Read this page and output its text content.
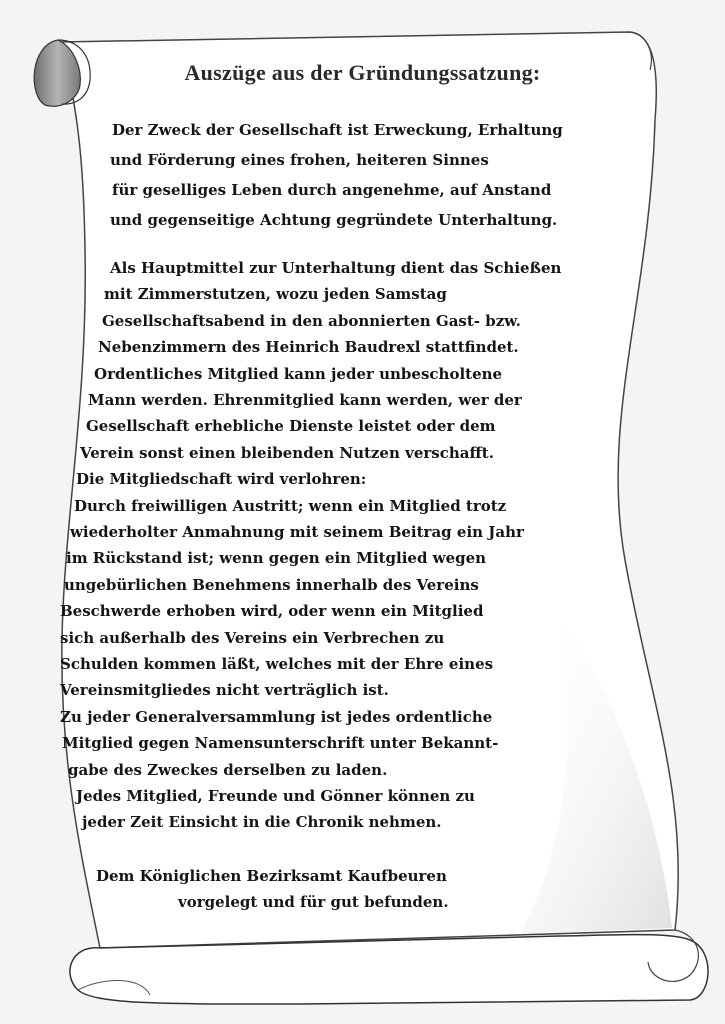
Auszüge aus der Gründungssatzung:
Der Zweck der Gesellschaft ist Erweckung, Erhaltung
und Förderung eines frohen, heiteren Sinnes
für geselliges Leben durch angenehme, auf Anstand
und gegenseitige Achtung gegründete Unterhaltung.
Als Hauptmittel zur Unterhaltung dient das Schießen
mit Zimmerstutzen, wozu jeden Samstag
Gesellschaftsabend in den abonnierten Gast- bzw.
Nebenzimmern des Heinrich Baudrexl stattfindet.
Ordentliches Mitglied kann jeder unbescholtene
Mann werden. Ehrenmitglied kann werden, wer der
Gesellschaft erhebliche Dienste leistet oder dem
Verein sonst einen bleibenden Nutzen verschafft.
Die Mitgliedschaft wird verlohren:
Durch freiwilligen Austritt; wenn ein Mitglied trotz
wiederholter Anmahnung mit seinem Beitrag ein Jahr
im Rückstand ist; wenn gegen ein Mitglied wegen
ungebürlichen Benehmens innerhalb des Vereins
Beschwerde erhoben wird, oder wenn ein Mitglied
sich außerhalb des Vereins ein Verbrechen zu
Schulden kommen läßt, welches mit der Ehre eines
Vereinsmitgliedes nicht verträglich ist.
Zu jeder Generalversammlung ist jedes ordentliche
Mitglied gegen Namensunterschrift unter Bekannt-
gabe des Zweckes derselben zu laden.
Jedes Mitglied, Freunde und Gönner können zu
jeder Zeit Einsicht in die Chronik nehmen.
Dem Königlichen Bezirksamt Kaufbeuren
vorgelegt und für gut befunden.
